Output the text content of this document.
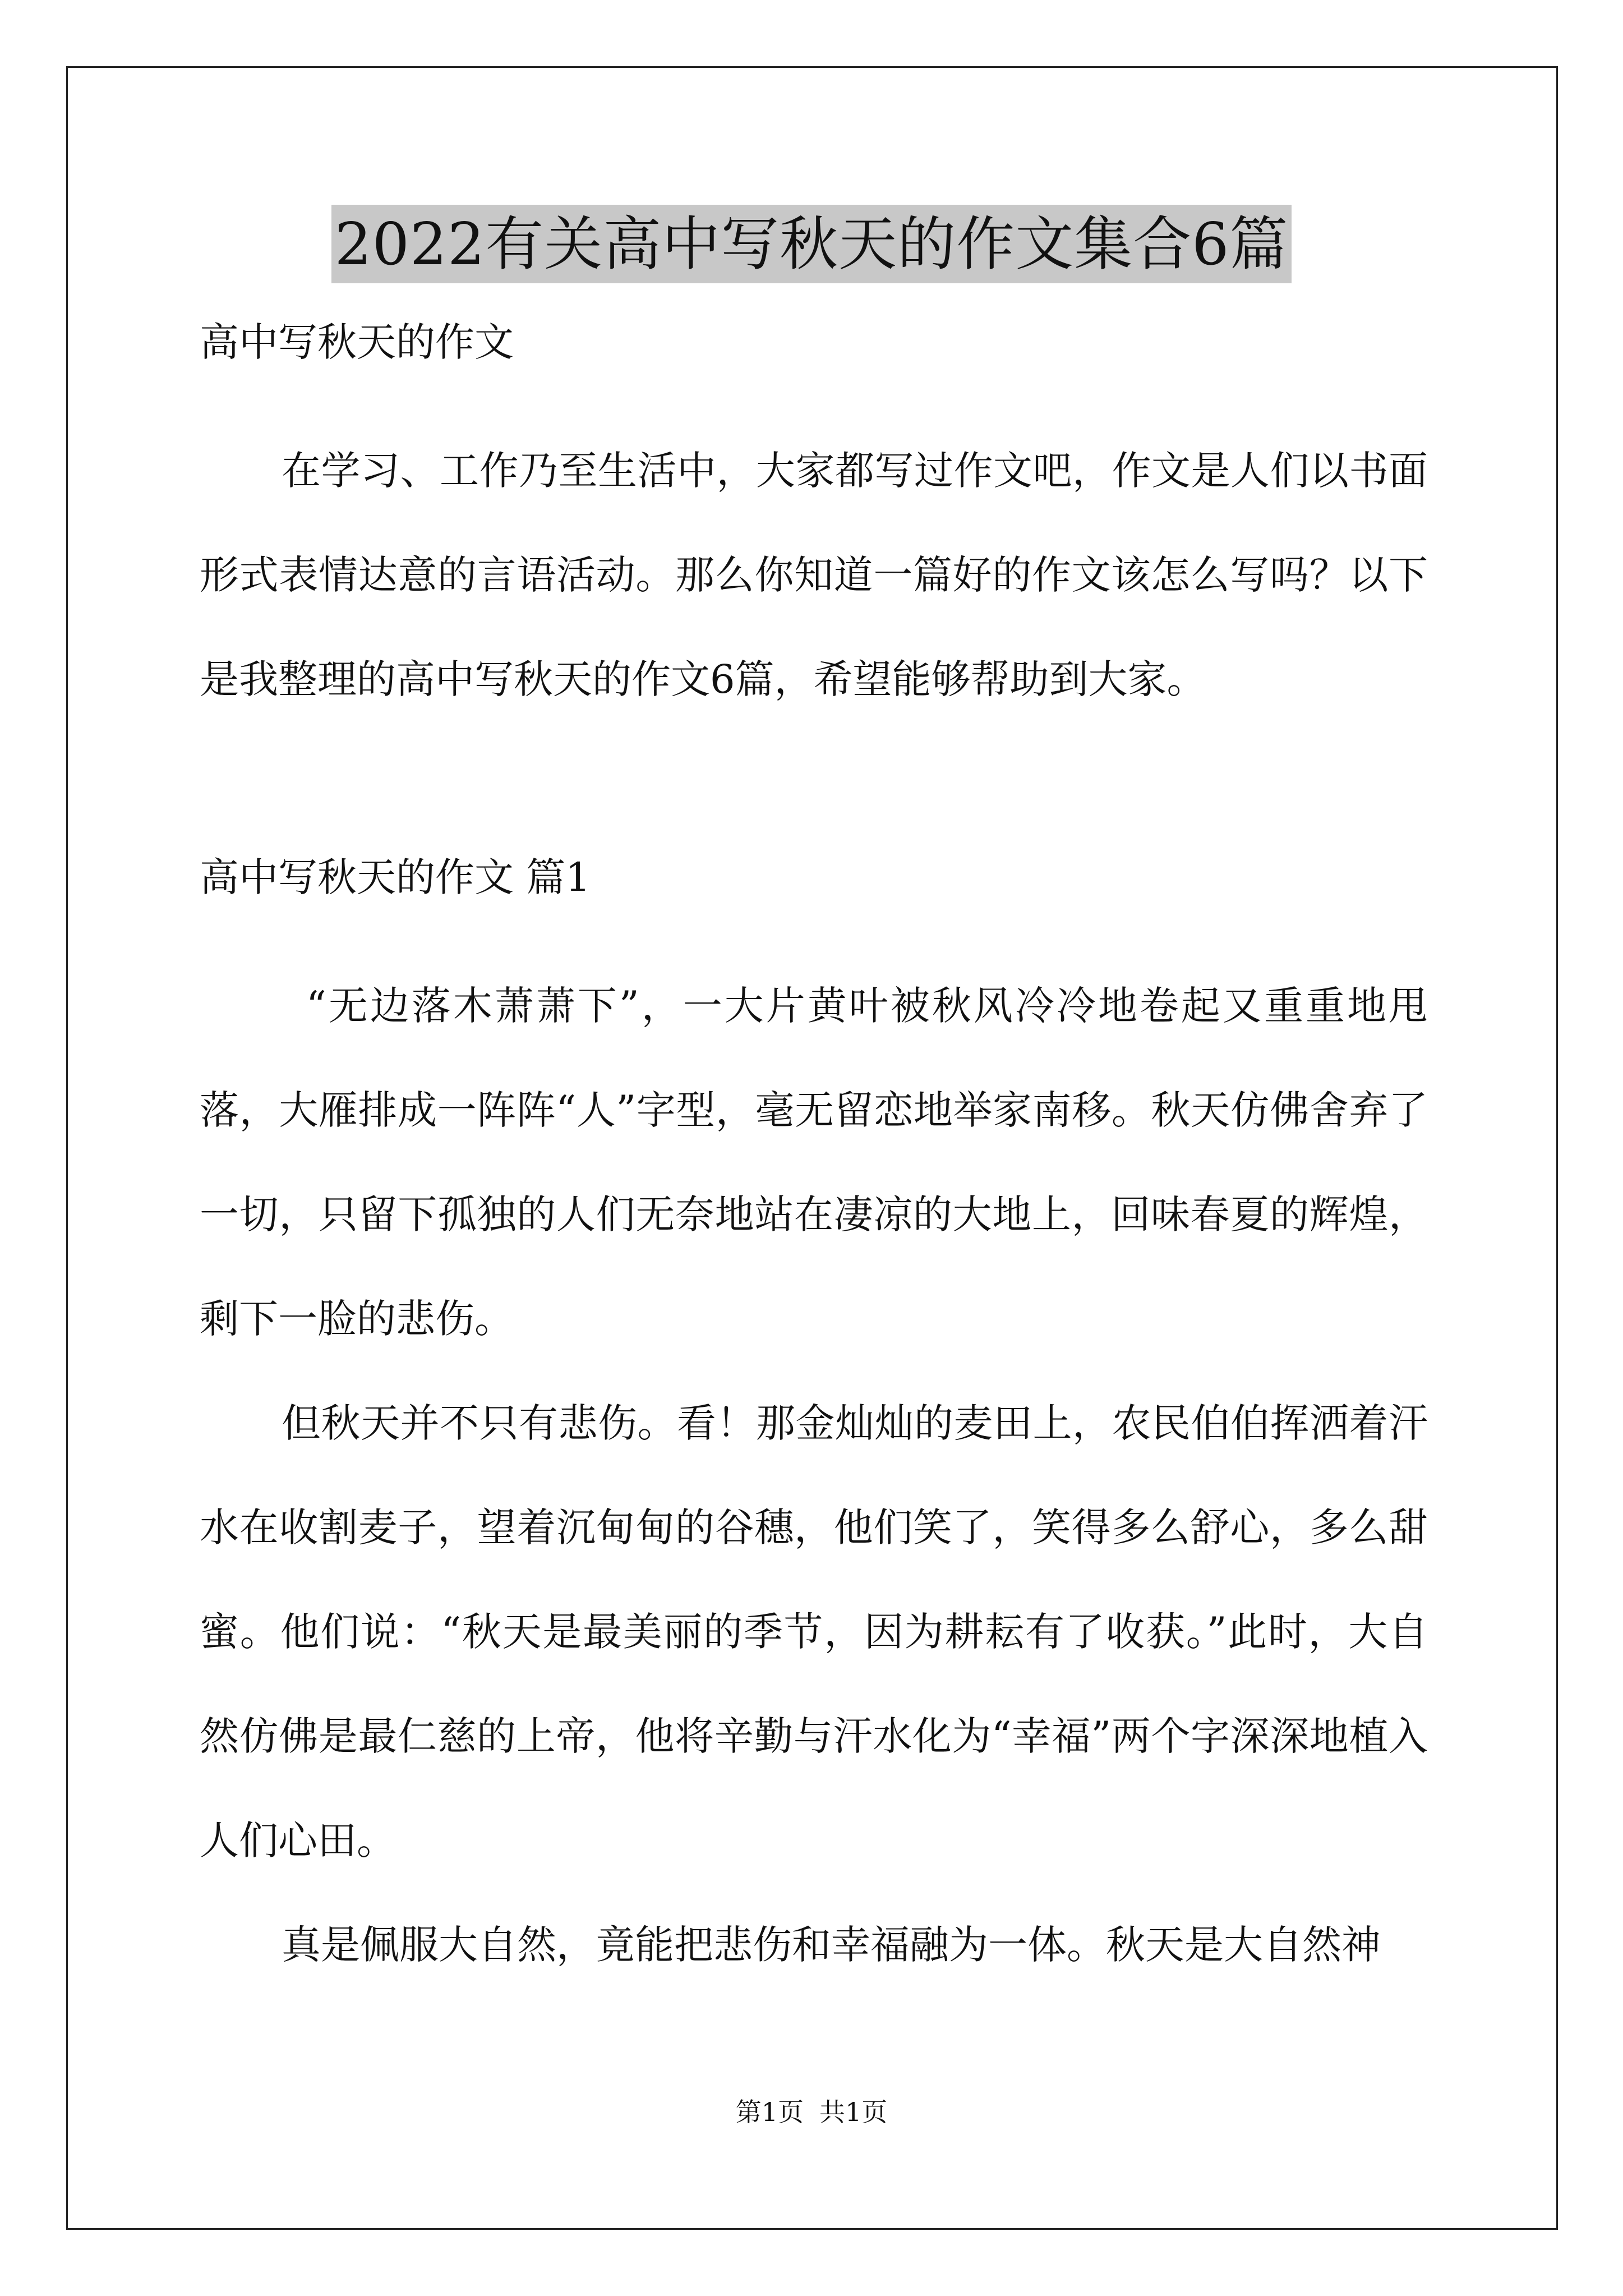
2022有关高中写秋天的作文集合6篇

高中写秋天的作文

在学习、工作乃至生活中，大家都写过作文吧，作文是人们以书面形式表情达意的言语活动。那么你知道一篇好的作文该怎么写吗？以下是我整理的高中写秋天的作文6篇，希望能够帮助到大家。

高中写秋天的作文 篇1

“无边落木萧萧下”，一大片黄叶被秋风冷冷地卷起又重重地甩落，大雁排成一阵阵“人”字型，毫无留恋地举家南移。秋天仿佛舍弃了一切，只留下孤独的人们无奈地站在凄凉的大地上，回味春夏的辉煌，剩下一脸的悲伤。

但秋天并不只有悲伤。看！那金灿灿的麦田上，农民伯伯挥洒着汗水在收割麦子，望着沉甸甸的谷穗，他们笑了，笑得多么舒心，多么甜蜜。他们说：“秋天是最美丽的季节，因为耕耘有了收获。”此时，大自然仿佛是最仁慈的上帝，他将辛勤与汗水化为“幸福”两个字深深地植入人们心田。

真是佩服大自然，竟能把悲伤和幸福融为一体。秋天是大自然神

第1页 共1页
